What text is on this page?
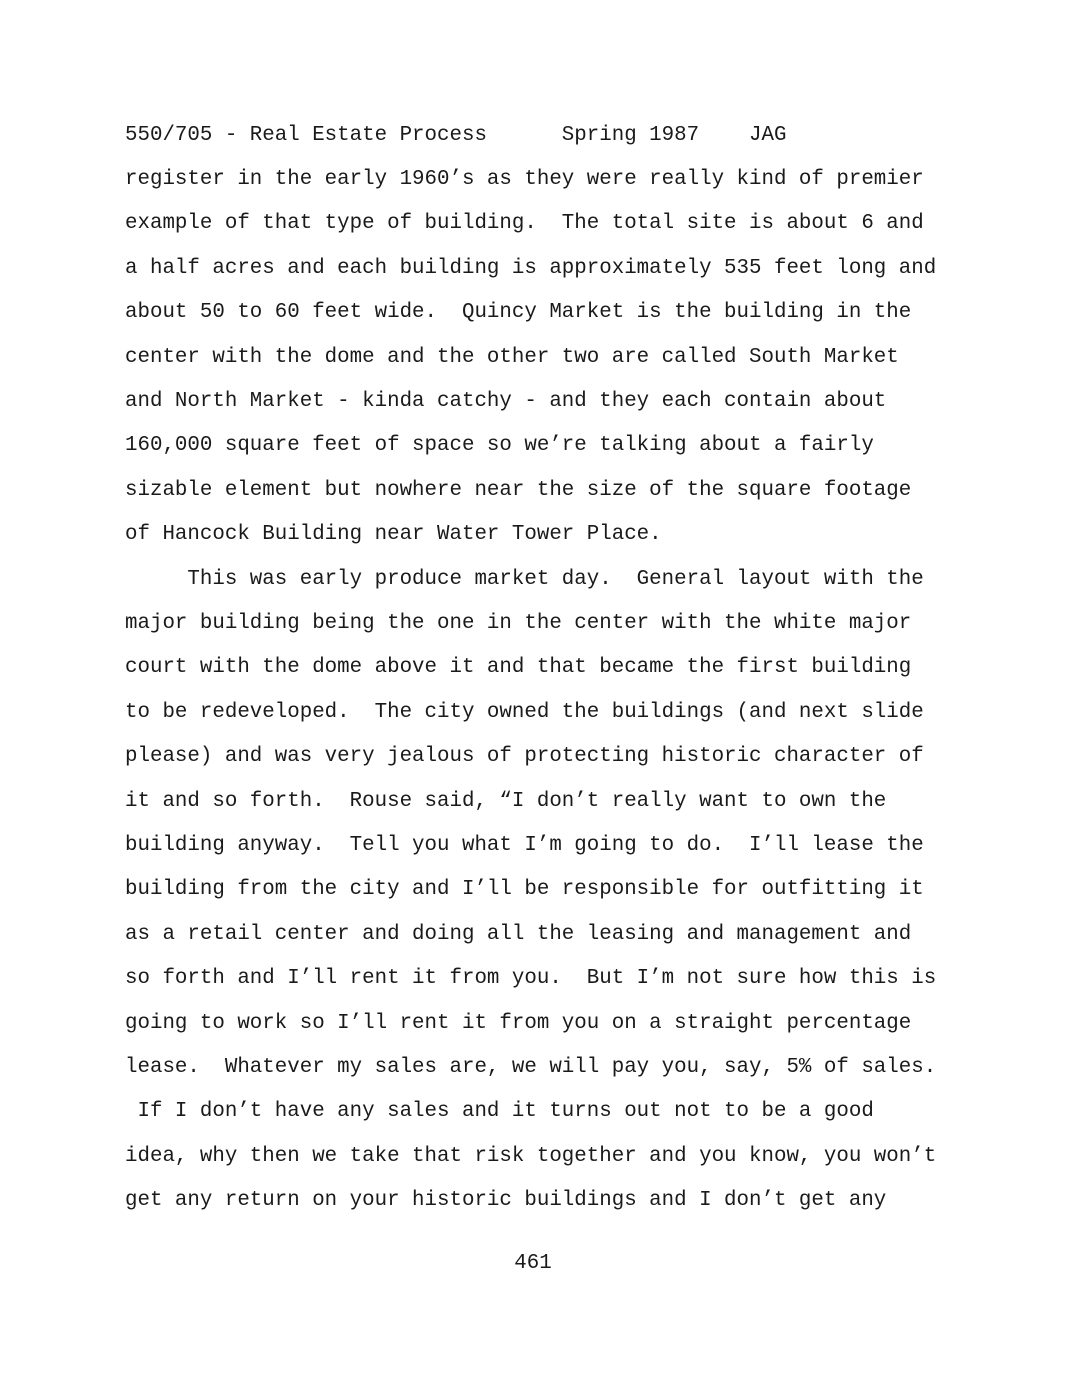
550/705 - Real Estate Process      Spring 1987    JAG
register in the early 1960’s as they were really kind of premier
example of that type of building.  The total site is about 6 and
a half acres and each building is approximately 535 feet long and
about 50 to 60 feet wide.  Quincy Market is the building in the
center with the dome and the other two are called South Market
and North Market - kinda catchy - and they each contain about
160,000 square feet of space so we’re talking about a fairly
sizable element but nowhere near the size of the square footage
of Hancock Building near Water Tower Place.
This was early produce market day.  General layout with the
major building being the one in the center with the white major
court with the dome above it and that became the first building
to be redeveloped.  The city owned the buildings (and next slide
please) and was very jealous of protecting historic character of
it and so forth.  Rouse said, “I don’t really want to own the
building anyway.  Tell you what I’m going to do.  I’ll lease the
building from the city and I’ll be responsible for outfitting it
as a retail center and doing all the leasing and management and
so forth and I’ll rent it from you.  But I’m not sure how this is
going to work so I’ll rent it from you on a straight percentage
lease.  Whatever my sales are, we will pay you, say, 5% of sales.
If I don’t have any sales and it turns out not to be a good
idea, why then we take that risk together and you know, you won’t
get any return on your historic buildings and I don’t get any
461
